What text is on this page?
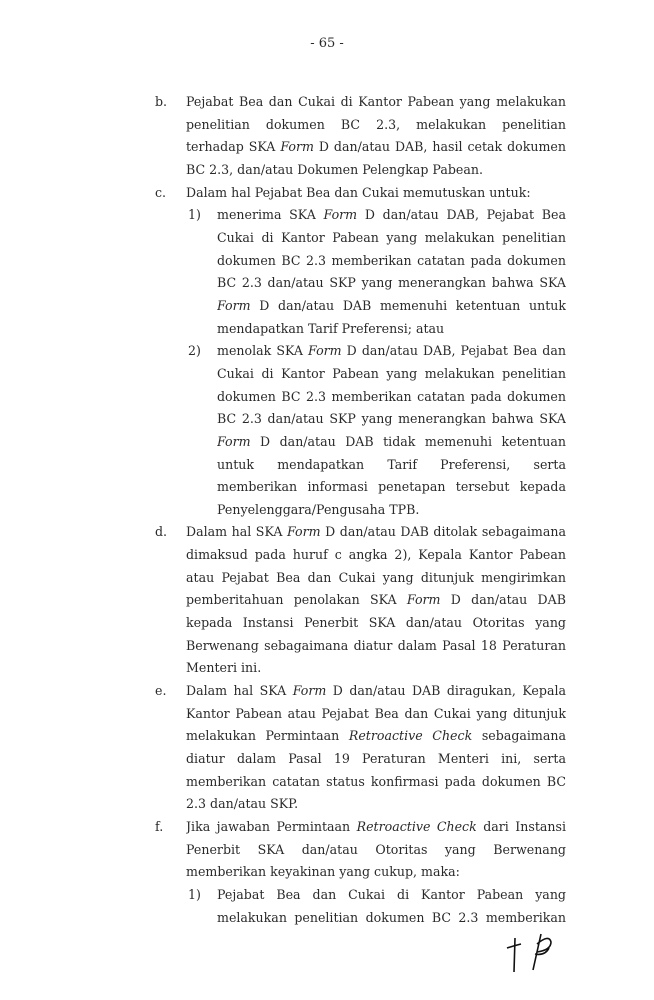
- 65 -
b. Pejabat Bea dan Cukai di Kantor Pabean yang melakukan
penelitian dokumen BC 2.3, melakukan penelitian
terhadap SKA Form D dan/atau DAB, hasil cetak dokumen
BC 2.3, dan/atau Dokumen Pelengkap Pabean.
c. Dalam hal Pejabat Bea dan Cukai memutuskan untuk:
1) menerima SKA Form D dan/atau DAB, Pejabat Bea
Cukai di Kantor Pabean yang melakukan penelitian
dokumen BC 2.3 memberikan catatan pada dokumen
BC 2.3 dan/atau SKP yang menerangkan bahwa SKA
Form D dan/atau DAB memenuhi ketentuan untuk
mendapatkan Tarif Preferensi; atau
2) menolak SKA Form D dan/atau DAB, Pejabat Bea dan
Cukai di Kantor Pabean yang melakukan penelitian
dokumen BC 2.3 memberikan catatan pada dokumen
BC 2.3 dan/atau SKP yang menerangkan bahwa SKA
Form D dan/atau DAB tidak memenuhi ketentuan
untuk mendapatkan Tarif Preferensi, serta
memberikan informasi penetapan tersebut kepada
Penyelenggara/Pengusaha TPB.
d. Dalam hal SKA Form D dan/atau DAB ditolak sebagaimana
dimaksud pada huruf c angka 2), Kepala Kantor Pabean
atau Pejabat Bea dan Cukai yang ditunjuk mengirimkan
pemberitahuan penolakan SKA Form D dan/atau DAB
kepada Instansi Penerbit SKA dan/atau Otoritas yang
Berwenang sebagaimana diatur dalam Pasal 18 Peraturan
Menteri ini.
e. Dalam hal SKA Form D dan/atau DAB diragukan, Kepala
Kantor Pabean atau Pejabat Bea dan Cukai yang ditunjuk
melakukan Permintaan Retroactive Check sebagaimana
diatur dalam Pasal 19 Peraturan Menteri ini, serta
memberikan catatan status konfirmasi pada dokumen BC
2.3 dan/atau SKP.
f. Jika jawaban Permintaan Retroactive Check dari Instansi
Penerbit SKA dan/atau Otoritas yang Berwenang
memberikan keyakinan yang cukup, maka:
1) Pejabat Bea dan Cukai di Kantor Pabean yang
melakukan penelitian dokumen BC 2.3 memberikan
